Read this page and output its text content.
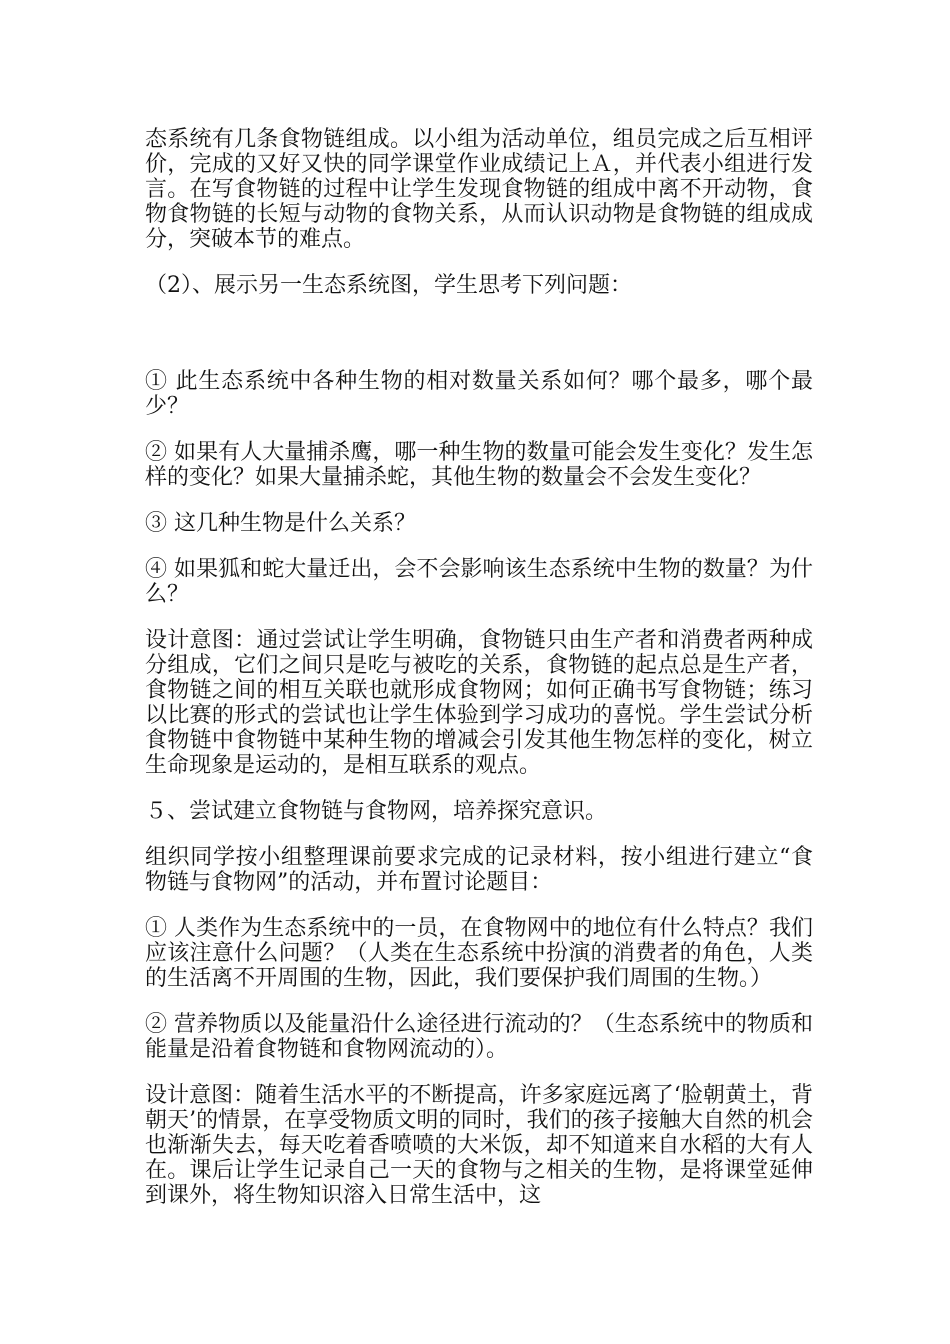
态系统有几条食物链组成。以小组为活动单位，组员完成之后互相评价，完成的又好又快的同学课堂作业成绩记上Ａ，并代表小组进行发言。在写食物链的过程中让学生发现食物链的组成中离不开动物，食物食物链的长短与动物的食物关系，从而认识动物是食物链的组成成分，突破本节的难点。

（2）、展示另一生态系统图，学生思考下列问题：

① 此生态系统中各种生物的相对数量关系如何？哪个最多，哪个最少？

② 如果有人大量捕杀鹰，哪一种生物的数量可能会发生变化？发生怎样的变化？如果大量捕杀蛇，其他生物的数量会不会发生变化？

③ 这几种生物是什么关系？

④ 如果狐和蛇大量迁出，会不会影响该生态系统中生物的数量？为什么？

设计意图：通过尝试让学生明确，食物链只由生产者和消费者两种成分组成，它们之间只是吃与被吃的关系，食物链的起点总是生产者，食物链之间的相互关联也就形成食物网；如何正确书写食物链；练习以比赛的形式的尝试也让学生体验到学习成功的喜悦。学生尝试分析食物链中食物链中某种生物的增减会引发其他生物怎样的变化，树立生命现象是运动的，是相互联系的观点。

５、尝试建立食物链与食物网，培养探究意识。

组织同学按小组整理课前要求完成的记录材料，按小组进行建立“食物链与食物网”的活动，并布置讨论题目：

① 人类作为生态系统中的一员，在食物网中的地位有什么特点？我们应该注意什么问题？（人类在生态系统中扮演的消费者的角色，人类的生活离不开周围的生物，因此，我们要保护我们周围的生物。）

② 营养物质以及能量沿什么途径进行流动的？（生态系统中的物质和能量是沿着食物链和食物网流动的）。

设计意图：随着生活水平的不断提高，许多家庭远离了‘脸朝黄土，背朝天’的情景，在享受物质文明的同时，我们的孩子接触大自然的机会也渐渐失去，每天吃着香喷喷的大米饭，却不知道来自水稻的大有人在。课后让学生记录自己一天的食物与之相关的生物，是将课堂延伸到课外，将生物知识溶入日常生活中，这
